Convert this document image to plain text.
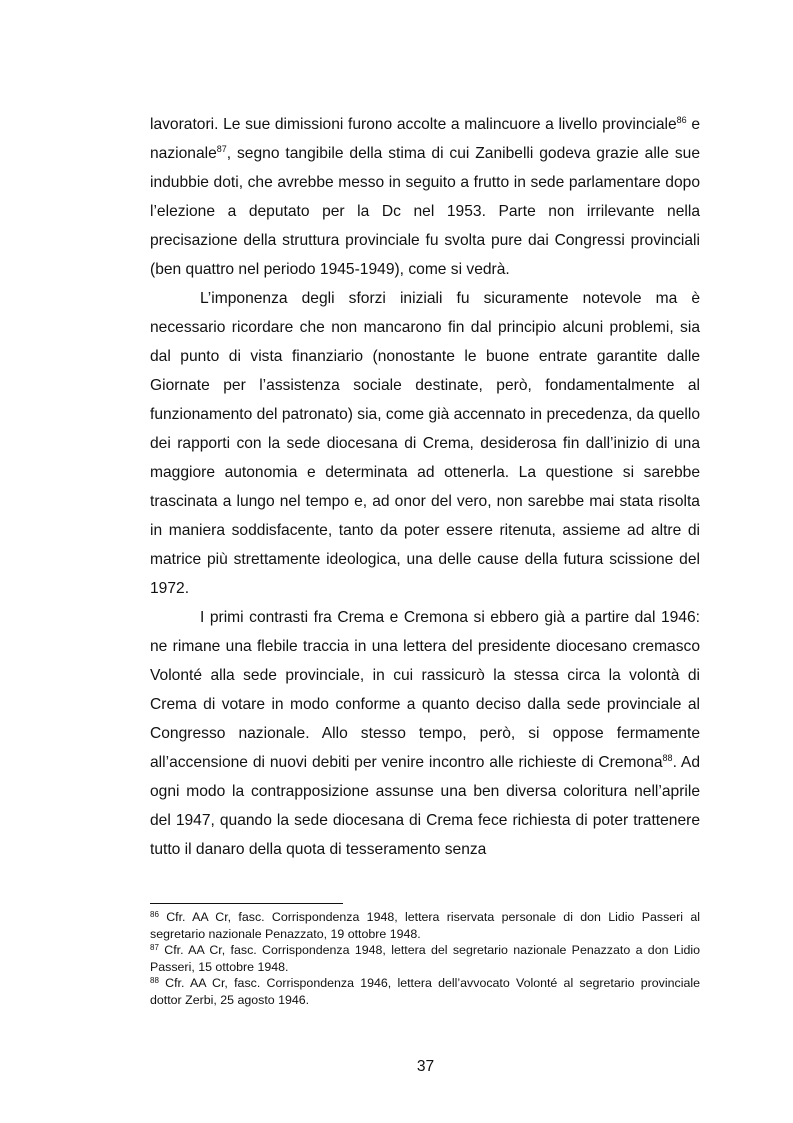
lavoratori. Le sue dimissioni furono accolte a malincuore a livello provinciale$^{86}$ e nazionale$^{87}$, segno tangibile della stima di cui Zanibelli godeva grazie alle sue indubbie doti, che avrebbe messo in seguito a frutto in sede parlamentare dopo l’elezione a deputato per la Dc nel 1953. Parte non irrilevante nella precisazione della struttura provinciale fu svolta pure dai Congressi provinciali (ben quattro nel periodo 1945-1949), come si vedrà.

L’imponenza degli sforzi iniziali fu sicuramente notevole ma è necessario ricordare che non mancarono fin dal principio alcuni problemi, sia dal punto di vista finanziario (nonostante le buone entrate garantite dalle Giornate per l’assistenza sociale destinate, però, fondamentalmente al funzionamento del patronato) sia, come già accennato in precedenza, da quello dei rapporti con la sede diocesana di Crema, desiderosa fin dall’inizio di una maggiore autonomia e determinata ad ottenerla. La questione si sarebbe trascinata a lungo nel tempo e, ad onor del vero, non sarebbe mai stata risolta in maniera soddisfacente, tanto da poter essere ritenuta, assieme ad altre di matrice più strettamente ideologica, una delle cause della futura scissione del 1972.

I primi contrasti fra Crema e Cremona si ebbero già a partire dal 1946: ne rimane una flebile traccia in una lettera del presidente diocesano cremasco Volonté alla sede provinciale, in cui rassicurò la stessa circa la volontà di Crema di votare in modo conforme a quanto deciso dalla sede provinciale al Congresso nazionale. Allo stesso tempo, però, si oppose fermamente all’accensione di nuovi debiti per venire incontro alle richieste di Cremona$^{88}$. Ad ogni modo la contrapposizione assunse una ben diversa coloritura nell’aprile del 1947, quando la sede diocesana di Crema fece richiesta di poter trattenere tutto il danaro della quota di tesseramento senza

$^{86}$ Cfr. AA Cr, fasc. Corrispondenza 1948, lettera riservata personale di don Lidio Passeri al segretario nazionale Penazzato, 19 ottobre 1948.

$^{87}$ Cfr. AA Cr, fasc. Corrispondenza 1948, lettera del segretario nazionale Penazzato a don Lidio Passeri, 15 ottobre 1948.

$^{88}$ Cfr. AA Cr, fasc. Corrispondenza 1946, lettera dell’avvocato Volonté al segretario provinciale dottor Zerbi, 25 agosto 1946.

37
